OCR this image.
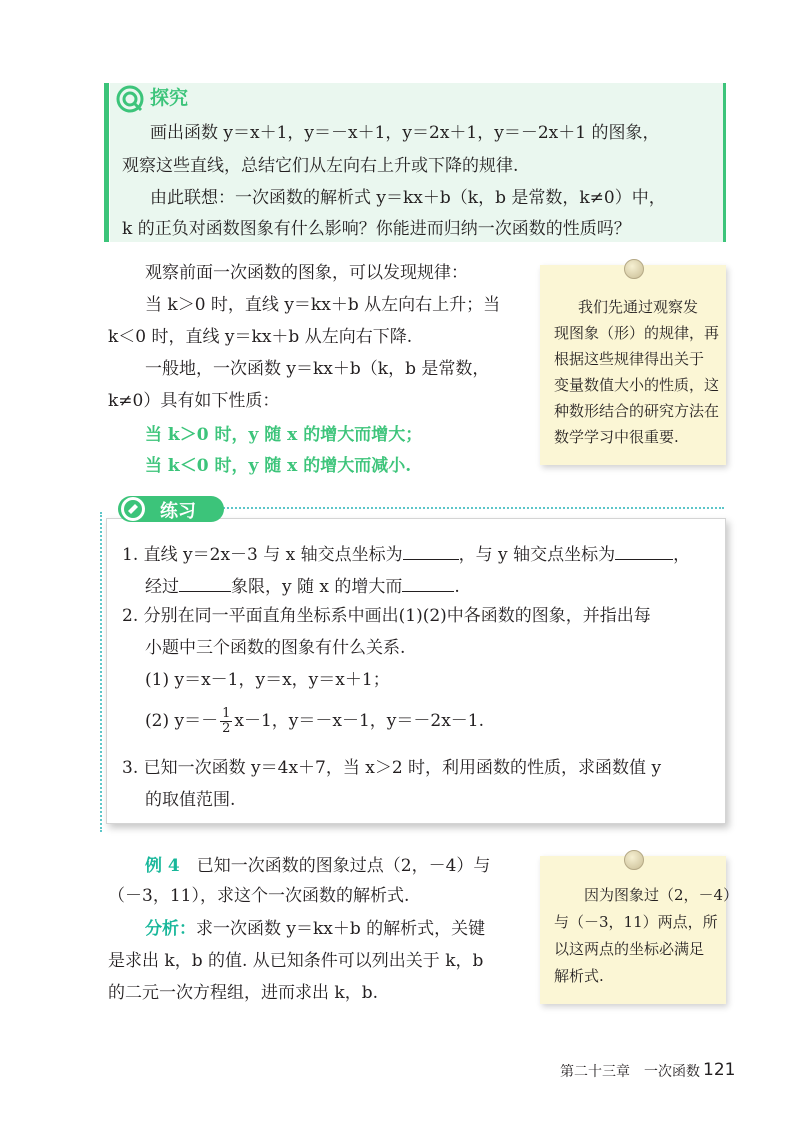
探究
画出函数 y＝x＋1，y＝－x＋1，y＝2x＋1，y＝－2x＋1 的图象，
观察这些直线，总结它们从左向右上升或下降的规律.
由此联想：一次函数的解析式 y＝kx＋b（k，b 是常数，k≠0）中，
k 的正负对函数图象有什么影响？你能进而归纳一次函数的性质吗？
观察前面一次函数的图象，可以发现规律：
当 k＞0 时，直线 y＝kx＋b 从左向右上升；当
k＜0 时，直线 y＝kx＋b 从左向右下降.
一般地，一次函数 y＝kx＋b（k，b 是常数，
k≠0）具有如下性质：
当 k＞0 时，y 随 x 的增大而增大；
当 k＜0 时，y 随 x 的增大而减小.
我们先通过观察发
现图象（形）的规律，再
根据这些规律得出关于
变量数值大小的性质，这
种数形结合的研究方法在
数学学习中很重要.
练习
1. 直线 y＝2x－3 与 x 轴交点坐标为	，与 y 轴交点坐标为	，
经过	象限，y 随 x 的增大而	.
2. 分别在同一平面直角坐标系中画出(1)(2)中各函数的图象，并指出每
小题中三个函数的图象有什么关系.
(1) y＝x－1，y＝x，y＝x＋1；
(2) $y=- \frac{1}{2} x-1$，y＝－x－1，y＝－2x－1.
3. 已知一次函数 y＝4x＋7，当 x＞2 时，利用函数的性质，求函数值 y
的取值范围.
例 4　 已知一次函数的图象过点（2，－4）与
（－3，11），求这个一次函数的解析式.
分析：求一次函数 y＝kx＋b 的解析式，关键
是求出 k，b 的值. 从已知条件可以列出关于 k，b
的二元一次方程组，进而求出 k，b.
因为图象过（2，－4）
与（－3，11）两点，所
以这两点的坐标必满足
解析式.
第二十三章　一次函数 121
